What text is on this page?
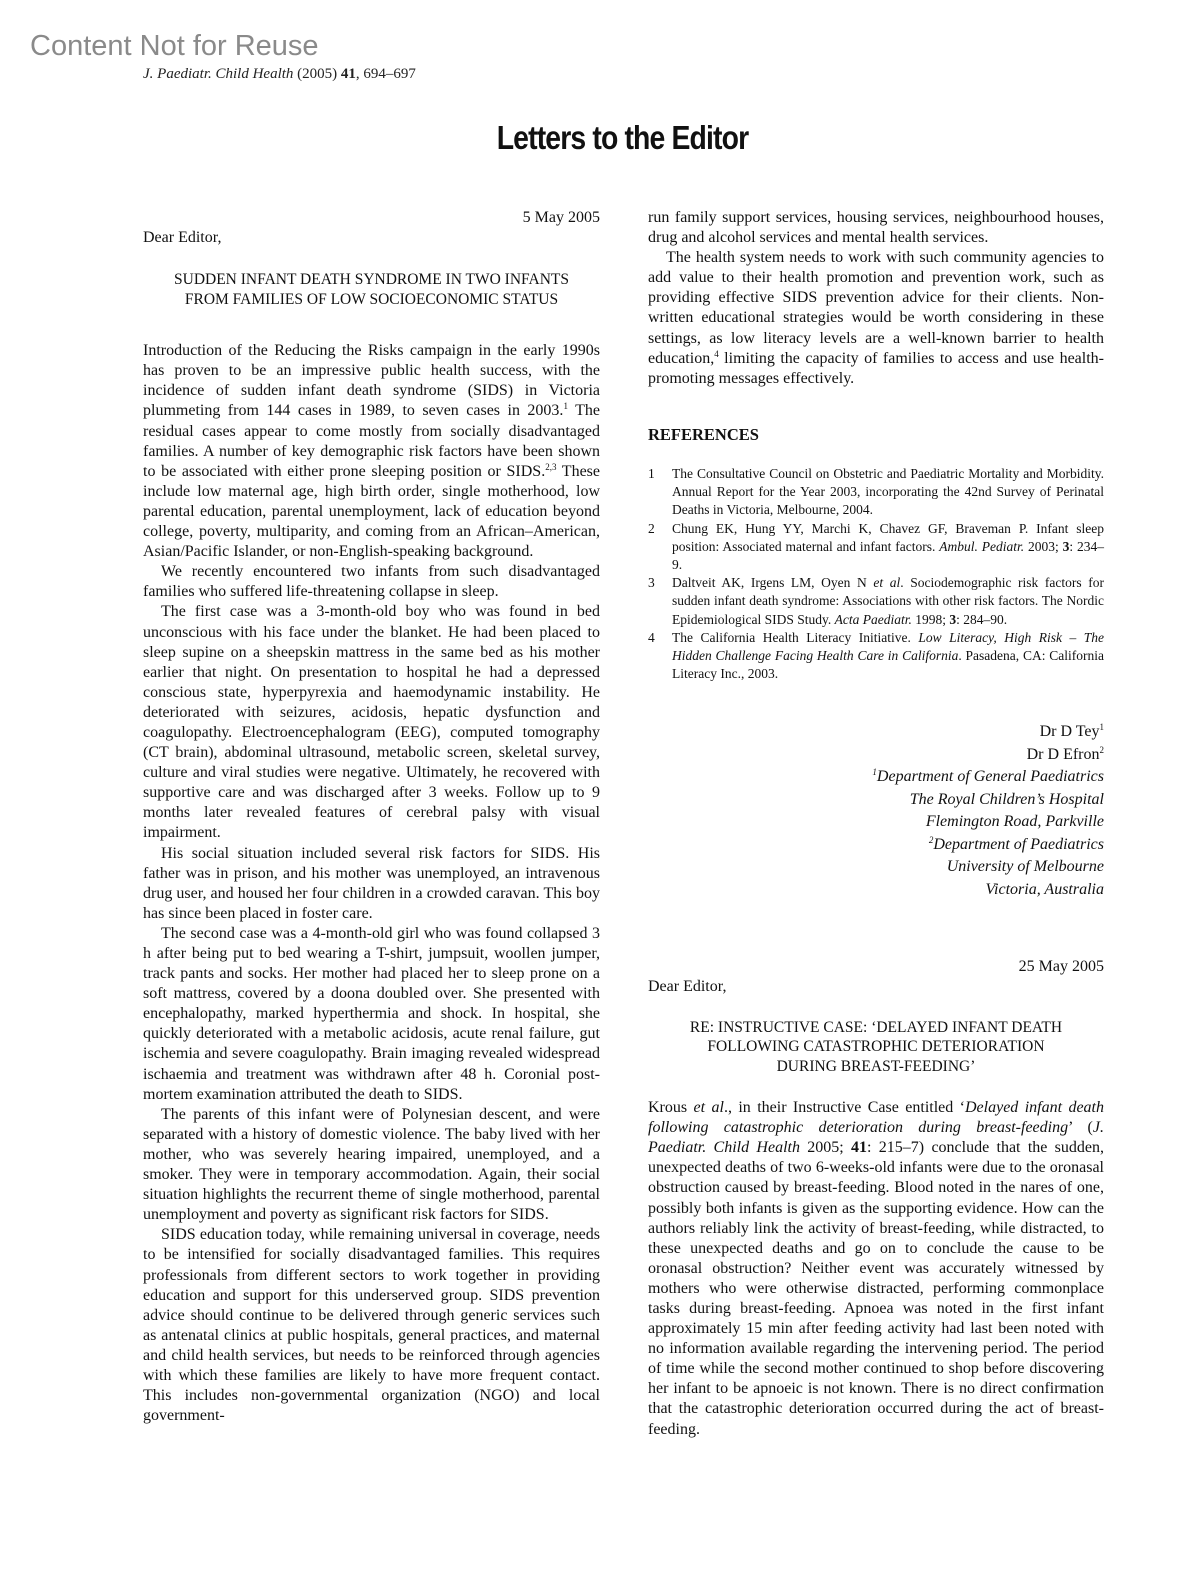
Content Not for Reuse
J. Paediatr. Child Health (2005) 41, 694–697
Letters to the Editor

5 May 2005

Dear Editor,

SUDDEN INFANT DEATH SYNDROME IN TWO INFANTS
FROM FAMILIES OF LOW SOCIOECONOMIC STATUS

Introduction of the Reducing the Risks campaign in the early 1990s has proven to be an impressive public health success, with the incidence of sudden infant death syndrome (SIDS) in Victoria plummeting from 144 cases in 1989, to seven cases in 2003.$^1$ The residual cases appear to come mostly from socially disadvantaged families. A number of key demographic risk factors have been shown to be associated with either prone sleeping position or SIDS.$^{2,3}$ These include low maternal age, high birth order, single motherhood, low parental education, parental unemployment, lack of education beyond college, poverty, multiparity, and coming from an African–American, Asian/Pacific Islander, or non-English-speaking background.

We recently encountered two infants from such disadvantaged families who suffered life-threatening collapse in sleep.

The first case was a 3-month-old boy who was found in bed unconscious with his face under the blanket. He had been placed to sleep supine on a sheepskin mattress in the same bed as his mother earlier that night. On presentation to hospital he had a depressed conscious state, hyperpyrexia and haemodynamic instability. He deteriorated with seizures, acidosis, hepatic dysfunction and coagulopathy. Electroencephalogram (EEG), computed tomography (CT brain), abdominal ultrasound, metabolic screen, skeletal survey, culture and viral studies were negative. Ultimately, he recovered with supportive care and was discharged after 3 weeks. Follow up to 9 months later revealed features of cerebral palsy with visual impairment.

His social situation included several risk factors for SIDS. His father was in prison, and his mother was unemployed, an intravenous drug user, and housed her four children in a crowded caravan. This boy has since been placed in foster care.

The second case was a 4-month-old girl who was found collapsed 3 h after being put to bed wearing a T-shirt, jumpsuit, woollen jumper, track pants and socks. Her mother had placed her to sleep prone on a soft mattress, covered by a doona doubled over. She presented with encephalopathy, marked hyperthermia and shock. In hospital, she quickly deteriorated with a metabolic acidosis, acute renal failure, gut ischemia and severe coagulopathy. Brain imaging revealed widespread ischaemia and treatment was withdrawn after 48 h. Coronial post-mortem examination attributed the death to SIDS.

The parents of this infant were of Polynesian descent, and were separated with a history of domestic violence. The baby lived with her mother, who was severely hearing impaired, unemployed, and a smoker. They were in temporary accommodation. Again, their social situation highlights the recurrent theme of single motherhood, parental unemployment and poverty as significant risk factors for SIDS.

SIDS education today, while remaining universal in coverage, needs to be intensified for socially disadvantaged families. This requires professionals from different sectors to work together in providing education and support for this underserved group. SIDS prevention advice should continue to be delivered through generic services such as antenatal clinics at public hospitals, general practices, and maternal and child health services, but needs to be reinforced through agencies with which these families are likely to have more frequent contact. This includes non-governmental organization (NGO) and local government-

run family support services, housing services, neighbourhood houses, drug and alcohol services and mental health services.

The health system needs to work with such community agencies to add value to their health promotion and prevention work, such as providing effective SIDS prevention advice for their clients. Non-written educational strategies would be worth considering in these settings, as low literacy levels are a well-known barrier to health education,$^4$ limiting the capacity of families to access and use health-promoting messages effectively.

REFERENCES

1	The Consultative Council on Obstetric and Paediatric Mortality and Morbidity. Annual Report for the Year 2003, incorporating the 42nd Survey of Perinatal Deaths in Victoria, Melbourne, 2004.
2	Chung EK, Hung YY, Marchi K, Chavez GF, Braveman P. Infant sleep position: Associated maternal and infant factors. Ambul. Pediatr. 2003; 3: 234–9.
3	Daltveit AK, Irgens LM, Oyen N et al. Sociodemographic risk factors for sudden infant death syndrome: Associations with other risk factors. The Nordic Epidemiological SIDS Study. Acta Paediatr. 1998; 3: 284–90.
4	The California Health Literacy Initiative. Low Literacy, High Risk – The Hidden Challenge Facing Health Care in California. Pasadena, CA: California Literacy Inc., 2003.

Dr D Tey$^1$

Dr D Efron$^2$

$^1$Department of General Paediatrics

The Royal Children’s Hospital

Flemington Road, Parkville

$^2$Department of Paediatrics

University of Melbourne

Victoria, Australia

25 May 2005

Dear Editor,

RE: INSTRUCTIVE CASE: ‘DELAYED INFANT DEATH
FOLLOWING CATASTROPHIC DETERIORATION
DURING BREAST-FEEDING’

Krous et al., in their Instructive Case entitled ‘Delayed infant death following catastrophic deterioration during breast-feeding’ (J. Paediatr. Child Health 2005; 41: 215–7) conclude that the sudden, unexpected deaths of two 6-weeks-old infants were due to the oronasal obstruction caused by breast-feeding. Blood noted in the nares of one, possibly both infants is given as the supporting evidence. How can the authors reliably link the activity of breast-feeding, while distracted, to these unexpected deaths and go on to conclude the cause to be oronasal obstruction? Neither event was accurately witnessed by mothers who were otherwise distracted, performing commonplace tasks during breast-feeding. Apnoea was noted in the first infant approximately 15 min after feeding activity had last been noted with no information available regarding the intervening period. The period of time while the second mother continued to shop before discovering her infant to be apnoeic is not known. There is no direct confirmation that the catastrophic deterioration occurred during the act of breast-feeding.
